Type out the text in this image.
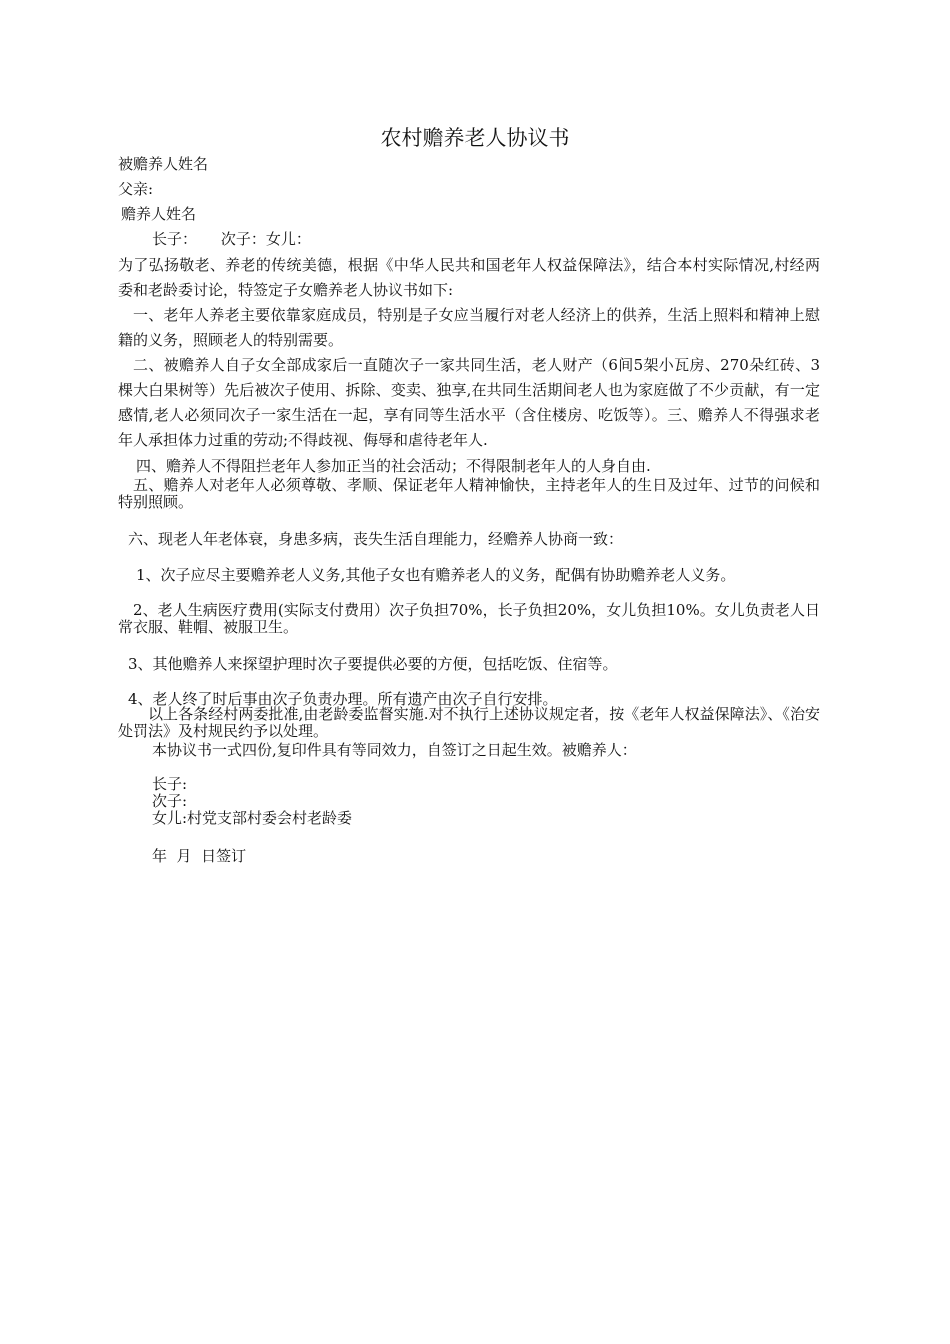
农村赡养老人协议书
被赡养人姓名
父亲:
赡养人姓名
长子：     次子：女儿：
为了弘扬敬老、养老的传统美德，根据《中华人民共和国老年人权益保障法》，结合本村实际情况,村经两委和老龄委讨论，特签定子女赡养老人协议书如下:
一、老年人养老主要依靠家庭成员，特别是子女应当履行对老人经济上的供养，生活上照料和精神上慰籍的义务，照顾老人的特别需要。
二、被赡养人自子女全部成家后一直随次子一家共同生活，老人财产（6间5架小瓦房、270朵红砖、3棵大白果树等）先后被次子使用、拆除、变卖、独享,在共同生活期间老人也为家庭做了不少贡献，有一定感情,老人必须同次子一家生活在一起，享有同等生活水平（含住楼房、吃饭等）。三、赡养人不得强求老年人承担体力过重的劳动;不得歧视、侮辱和虐待老年人.
四、赡养人不得阻拦老年人参加正当的社会活动；不得限制老年人的人身自由.
五、赡养人对老年人必须尊敬、孝顺、保证老年人精神愉快，主持老年人的生日及过年、过节的问候和特别照顾。
六、现老人年老体衰，身患多病，丧失生活自理能力，经赡养人协商一致：
1、次子应尽主要赡养老人义务,其他子女也有赡养老人的义务，配偶有协助赡养老人义务。
2、老人生病医疗费用(实际支付费用）次子负担70%，长子负担20%，女儿负担10%。女儿负责老人日常衣服、鞋帽、被服卫生。
3、其他赡养人来探望护理时次子要提供必要的方便，包括吃饭、住宿等。
4、老人终了时后事由次子负责办理。所有遗产由次子自行安排。
以上各条经村两委批准,由老龄委监督实施.对不执行上述协议规定者，按《老年人权益保障法》、《治安处罚法》及村规民约予以处理。
本协议书一式四份,复印件具有等同效力，自签订之日起生效。被赡养人：
长子:
次子:
女儿:村党支部村委会村老龄委
年  月  日签订
